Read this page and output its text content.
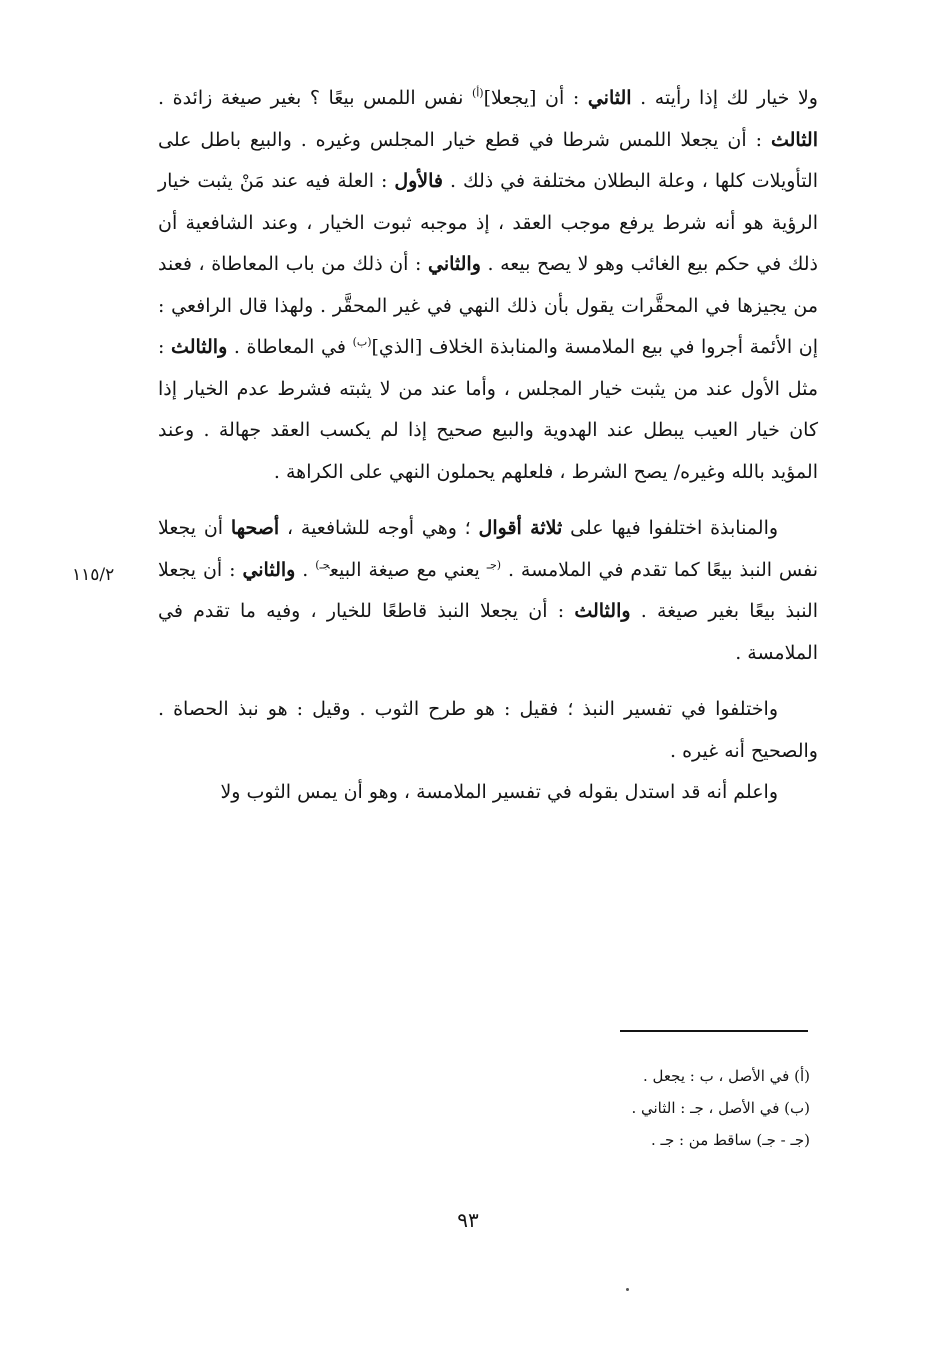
ولا خيار لك إذا رأيته . الثاني : أن [يجعلا]$^{(أ)}$ نفس اللمس بيعًا ؟ بغير صيغة زائدة . الثالث : أن يجعلا اللمس شرطا في قطع خيار المجلس وغيره . والبيع باطل على التأويلات كلها ، وعلة البطلان مختلفة في ذلك . فالأول : العلة فيه عند مَنْ يثبت خيار الرؤية هو أنه شرط يرفع موجب العقد ، إذ موجبه ثبوت الخيار ، وعند الشافعية أن ذلك في حكم بيع الغائب وهو لا يصح بيعه . والثاني : أن ذلك من باب المعاطاة ، فعند من يجيزها في المحقَّرات يقول بأن ذلك النهي في غير المحقَّر . ولهذا قال الرافعي : إن الأئمة أجروا في بيع الملامسة والمنابذة الخلاف [الذي]$^{(ب)}$ في المعاطاة . والثالث : مثل الأول عند من يثبت خيار المجلس ، وأما عند من لا يثبته فشرط عدم الخيار إذا كان خيار العيب يبطل عند الهدوية والبيع صحيح إذا لم يكسب العقد جهالة . وعند المؤيد بالله وغيره/ يصح الشرط ، فلعلهم يحملون النهي على الكراهة .

والمنابذة اختلفوا فيها على ثلاثة أقوال ؛ وهي أوجه للشافعية ، أصحها أن يجعلا نفس النبذ بيعًا كما تقدم في الملامسة . $^{(جـ}$ يعني مع صيغة البيع$^{جـ)}$ . والثاني : أن يجعلا النبذ بيعًا بغير صيغة . والثالث : أن يجعلا النبذ قاطعًا للخيار ، وفيه ما تقدم في الملامسة .

واختلفوا في تفسير النبذ ؛ فقيل : هو طرح الثوب . وقيل : هو نبذ الحصاة . والصحيح أنه غيره .

واعلم أنه قد استدل بقوله في تفسير الملامسة ، وهو أن يمس الثوب ولا

١١٥/٢

(أ) في الأصل ، ب : يجعل .

(ب) في الأصل ، جـ : الثاني .

(جـ - جـ) ساقط من : جـ .

٩٣
